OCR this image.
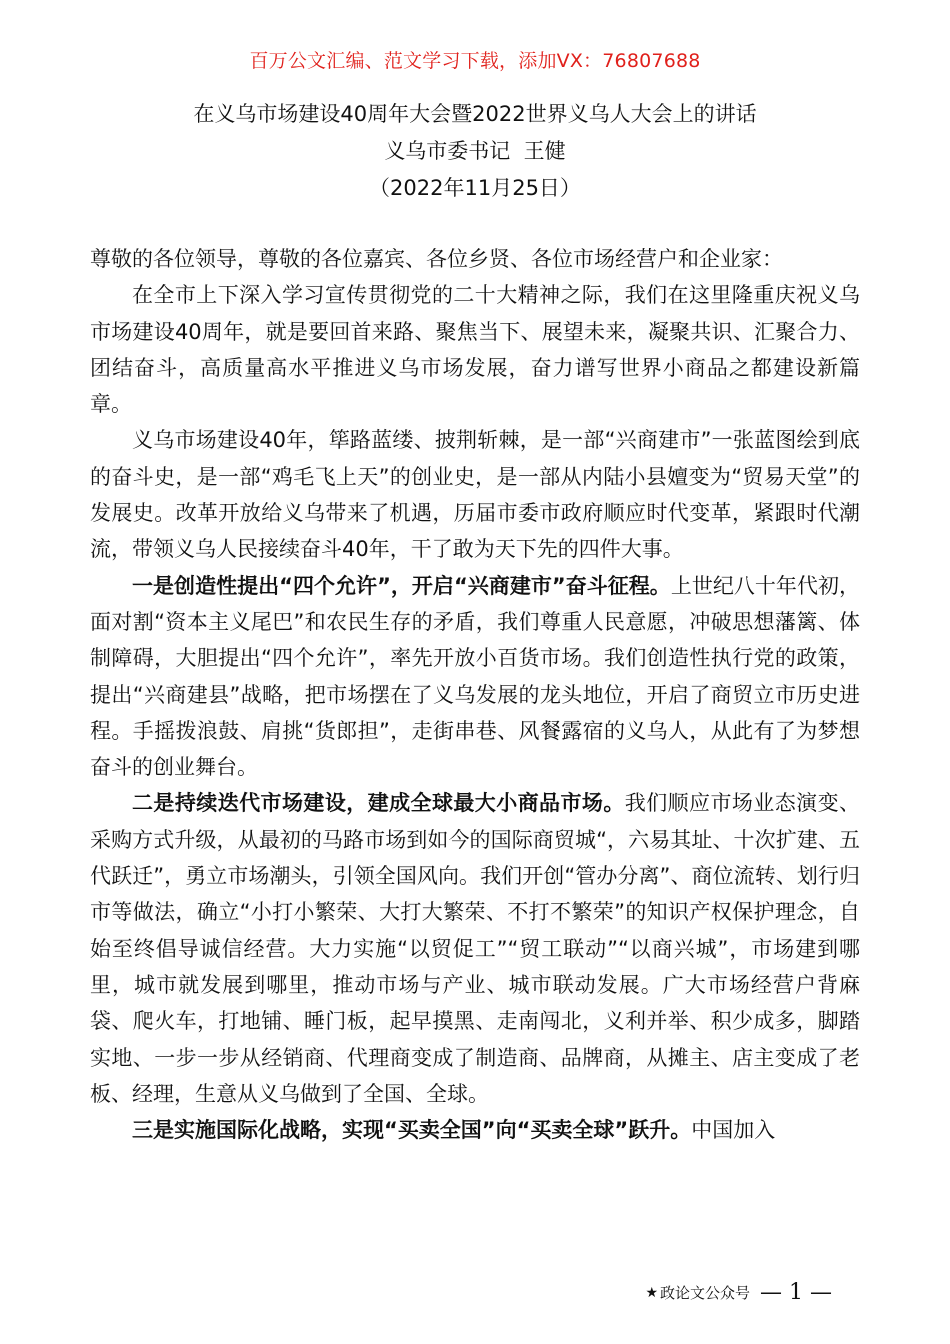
百万公文汇编、范文学习下载，添加VX：76807688
在义乌市场建设40周年大会暨2022世界义乌人大会上的讲话
义乌市委书记  王健
（2022年11月25日）

尊敬的各位领导，尊敬的各位嘉宾、各位乡贤、各位市场经营户和企业家：

在全市上下深入学习宣传贯彻党的二十大精神之际，我们在这里隆重庆祝义乌市场建设40周年，就是要回首来路、聚焦当下、展望未来，凝聚共识、汇聚合力、团结奋斗，高质量高水平推进义乌市场发展，奋力谱写世界小商品之都建设新篇章。

义乌市场建设40年，筚路蓝缕、披荆斩棘，是一部“兴商建市”一张蓝图绘到底的奋斗史，是一部“鸡毛飞上天”的创业史，是一部从内陆小县嬗变为“贸易天堂”的发展史。改革开放给义乌带来了机遇，历届市委市政府顺应时代变革，紧跟时代潮流，带领义乌人民接续奋斗40年，干了敢为天下先的四件大事。

一是创造性提出“四个允许”，开启“兴商建市”奋斗征程。上世纪八十年代初，面对割“资本主义尾巴”和农民生存的矛盾，我们尊重人民意愿，冲破思想藩篱、体制障碍，大胆提出“四个允许”，率先开放小百货市场。我们创造性执行党的政策，提出“兴商建县”战略，把市场摆在了义乌发展的龙头地位，开启了商贸立市历史进程。手摇拨浪鼓、肩挑“货郎担”，走街串巷、风餐露宿的义乌人，从此有了为梦想奋斗的创业舞台。

二是持续迭代市场建设，建成全球最大小商品市场。我们顺应市场业态演变、采购方式升级，从最初的马路市场到如今的国际商贸城“，六易其址、十次扩建、五代跃迁”，勇立市场潮头，引领全国风向。我们开创“管办分离”、商位流转、划行归市等做法，确立“小打小繁荣、大打大繁荣、不打不繁荣”的知识产权保护理念，自始至终倡导诚信经营。大力实施“以贸促工”“贸工联动”“以商兴城”，市场建到哪里，城市就发展到哪里，推动市场与产业、城市联动发展。广大市场经营户背麻袋、爬火车，打地铺、睡门板，起早摸黑、走南闯北，义利并举、积少成多，脚踏实地、一步一步从经销商、代理商变成了制造商、品牌商，从摊主、店主变成了老板、经理，生意从义乌做到了全国、全球。

三是实施国际化战略，实现“买卖全国”向“买卖全球”跃升。中国加入

★ 政论文公众号 — 1 —
